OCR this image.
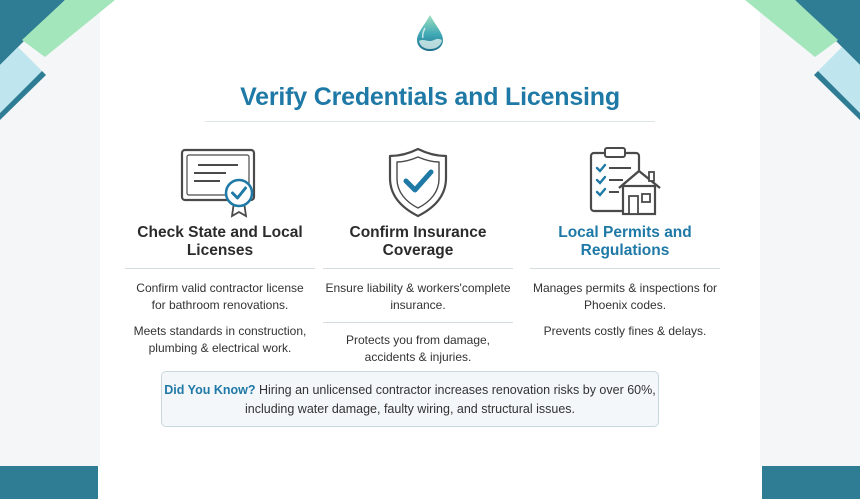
Verify Credentials and Licensing
Check State and Local
Licenses
Confirm valid contractor license
for bathroom renovations.
Meets standards in construction,
plumbing & electrical work.
Confirm Insurance
Coverage
Ensure liability & workers'complete
insurance.
Protects you from damage,
accidents & injuries.
Local Permits and
Regulations
Manages permits & inspections for
Phoenix codes.
Prevents costly fines & delays.
Did You Know? Hiring an unlicensed contractor increases renovation risks by over 60%,
including water damage, faulty wiring, and structural issues.
